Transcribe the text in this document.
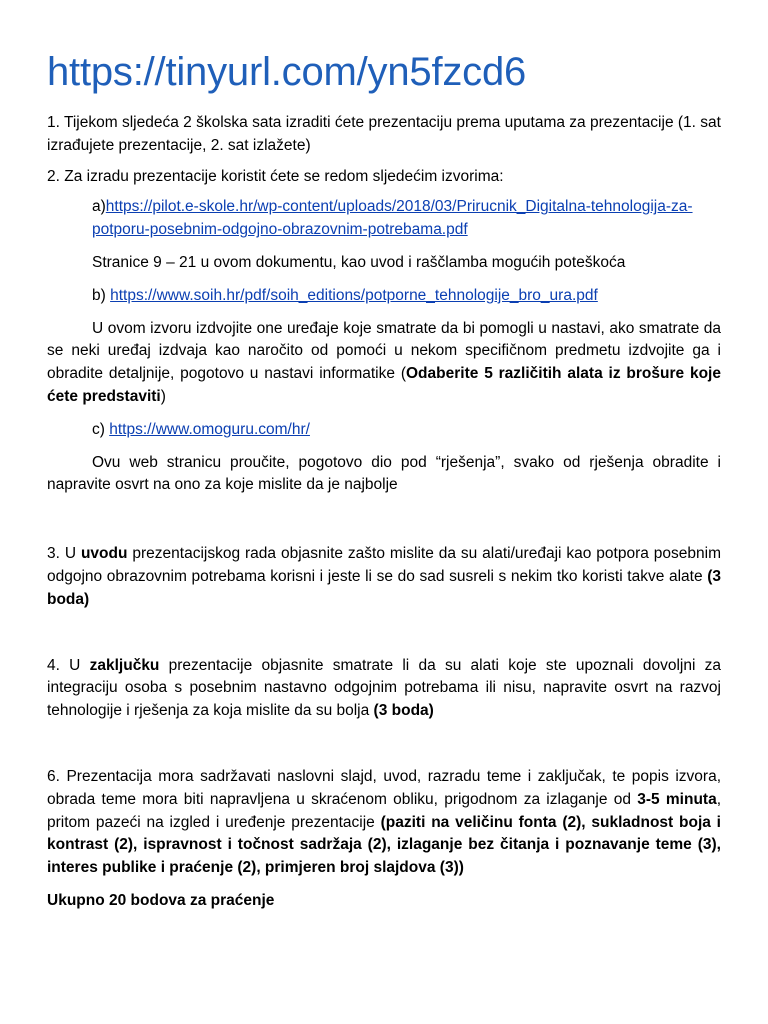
https://tinyurl.com/yn5fzcd6

1. Tijekom sljedeća 2 školska sata izraditi ćete prezentaciju prema uputama za prezentacije (1. sat izrađujete prezentacije, 2. sat izlažete)

2. Za izradu prezentacije koristit ćete se redom sljedećim izvorima:

a)https://pilot.e-skole.hr/wp-content/uploads/2018/03/Prirucnik_Digitalna-tehnologija-za-potporu-posebnim-odgojno-obrazovnim-potrebama.pdf

Stranice 9 – 21 u ovom dokumentu, kao uvod i raščlamba mogućih poteškoća

b) https://www.soih.hr/pdf/soih_editions/potporne_tehnologije_bro_ura.pdf

U ovom izvoru izdvojite one uređaje koje smatrate da bi pomogli u nastavi, ako smatrate da se neki uređaj izdvaja kao naročito od pomoći u nekom specifičnom predmetu izdvojite ga i obradite detaljnije, pogotovo u nastavi informatike (Odaberite 5 različitih alata iz brošure koje ćete predstaviti)

c) https://www.omoguru.com/hr/

Ovu web stranicu proučite, pogotovo dio pod “rješenja”, svako od rješenja obradite i napravite osvrt na ono za koje mislite da je najbolje

3. U uvodu prezentacijskog rada objasnite zašto mislite da su alati/uređaji kao potpora posebnim odgojno obrazovnim potrebama korisni i jeste li se do sad susreli s nekim tko koristi takve alate (3 boda)

4. U zaključku prezentacije objasnite smatrate li da su alati koje ste upoznali dovoljni za integraciju osoba s posebnim nastavno odgojnim potrebama ili nisu, napravite osvrt na razvoj tehnologije i rješenja za koja mislite da su bolja (3 boda)

6. Prezentacija mora sadržavati naslovni slajd, uvod, razradu teme i zaključak, te popis izvora, obrada teme mora biti napravljena u skraćenom obliku, prigodnom za izlaganje od 3-5 minuta, pritom pazeći na izgled i uređenje prezentacije (paziti na veličinu fonta (2), sukladnost boja i kontrast (2), ispravnost i točnost sadržaja (2), izlaganje bez čitanja i poznavanje teme (3), interes publike i praćenje (2), primjeren broj slajdova (3))

Ukupno 20 bodova za praćenje
